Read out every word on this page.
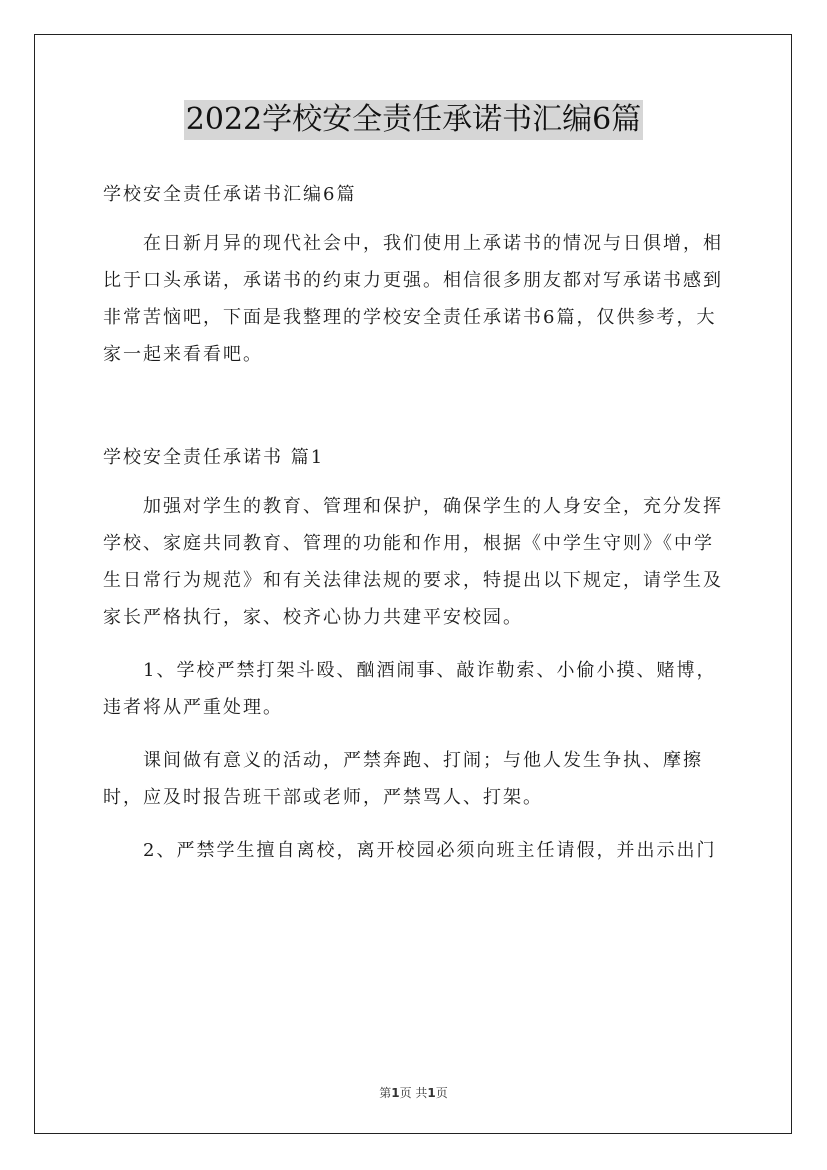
2022学校安全责任承诺书汇编6篇

学校安全责任承诺书汇编6篇

在日新月异的现代社会中，我们使用上承诺书的情况与日俱增，相比于口头承诺，承诺书的约束力更强。相信很多朋友都对写承诺书感到非常苦恼吧，下面是我整理的学校安全责任承诺书6篇，仅供参考，大家一起来看看吧。

学校安全责任承诺书 篇1

加强对学生的教育、管理和保护，确保学生的人身安全，充分发挥学校、家庭共同教育、管理的功能和作用，根据《中学生守则》《中学生日常行为规范》和有关法律法规的要求，特提出以下规定，请学生及家长严格执行，家、校齐心协力共建平安校园。

1、学校严禁打架斗殴、酗酒闹事、敲诈勒索、小偷小摸、赌博，违者将从严重处理。

课间做有意义的活动，严禁奔跑、打闹；与他人发生争执、摩擦时，应及时报告班干部或老师，严禁骂人、打架。

2、严禁学生擅自离校，离开校园必须向班主任请假，并出示出门

第1页 共1页
